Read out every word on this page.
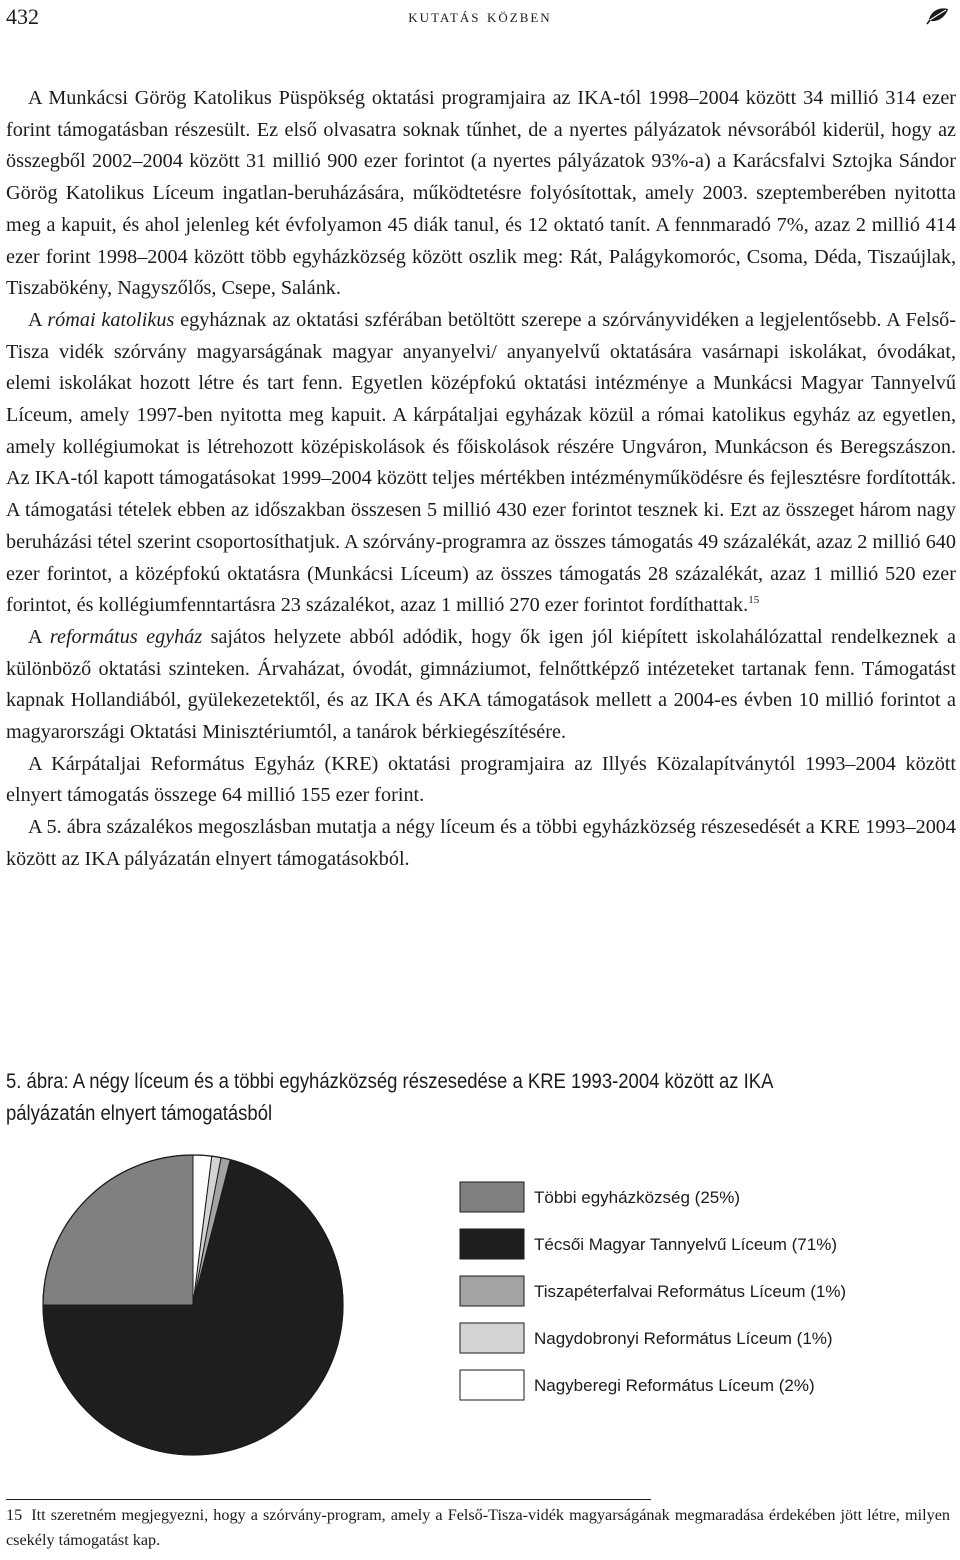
432	kutatás közben

A Munkácsi Görög Katolikus Püspökség oktatási programjaira az IKA-tól 1998–2004 között 34 millió 314 ezer forint támogatásban részesült. Ez első olvasatra soknak tűnhet, de a nyertes pályázatok névsorából kiderül, hogy az összegből 2002–2004 között 31 millió 900 ezer forintot (a nyertes pályázatok 93%-a) a Karácsfalvi Sztojka Sándor Görög Katolikus Líceum ingatlan-beruházására, működtetésre folyósítottak, amely 2003. szeptemberében nyitotta meg a kapuit, és ahol jelenleg két évfolyamon 45 diák tanul, és 12 oktató tanít. A fennmaradó 7%, azaz 2 millió 414 ezer forint 1998–2004 között több egyházközség között oszlik meg: Rát, Palágykomoróc, Csoma, Déda, Tiszaújlak, Tiszabökény, Nagyszőlős, Csepe, Salánk.

A római katolikus egyháznak az oktatási szférában betöltött szerepe a szórványvidéken a legjelentősebb. A Felső-Tisza vidék szórvány magyarságának magyar anyanyelvi/ anyanyelvű oktatására vasárnapi iskolákat, óvodákat, elemi iskolákat hozott létre és tart fenn. Egyetlen középfokú oktatási intézménye a Munkácsi Magyar Tannyelvű Líceum, amely 1997-ben nyitotta meg kapuit. A kárpátaljai egyházak közül a római katolikus egyház az egyetlen, amely kollégiumokat is létrehozott középiskolások és főiskolások részére Ungváron, Munkácson és Beregszászon. Az IKA-tól kapott támogatásokat 1999–2004 között teljes mértékben intézményműködésre és fejlesztésre fordították. A támogatási tételek ebben az időszakban összesen 5 millió 430 ezer forintot tesznek ki. Ezt az összeget három nagy beruházási tétel szerint csoportosíthatjuk. A szórvány-programra az összes támogatás 49 százalékát, azaz 2 millió 640 ezer forintot, a középfokú oktatásra (Munkácsi Líceum) az összes támogatás 28 százalékát, azaz 1 millió 520 ezer forintot, és kollégiumfenntartásra 23 százalékot, azaz 1 millió 270 ezer forintot fordíthattak.$^{15}$

A református egyház sajátos helyzete abból adódik, hogy ők igen jól kiépített iskolahálózattal rendelkeznek a különböző oktatási szinteken. Árvaházat, óvodát, gimnáziumot, felnőttképző intézeteket tartanak fenn. Támogatást kapnak Hollandiából, gyülekezetektől, és az IKA és AKA támogatások mellett a 2004-es évben 10 millió forintot a magyarországi Oktatási Minisztériumtól, a tanárok bérkiegészítésére.

A Kárpátaljai Református Egyház (KRE) oktatási programjaira az Illyés Közalapítványtól 1993–2004 között elnyert támogatás összege 64 millió 155 ezer forint.

A 5. ábra százalékos megoszlásban mutatja a négy líceum és a többi egyházközség részesedését a KRE 1993–2004 között az IKA pályázatán elnyert támogatásokból.

5. ábra: A négy líceum és a többi egyházközség részesedése a KRE 1993-2004 között az IKA
pályázatán elnyert támogatásból
Többi egyházközség (25%)
Técsői Magyar Tannyelvű Líceum (71%)
Tiszapéterfalvai Református Líceum (1%)
Nagydobronyi Református Líceum (1%)
Nagyberegi Református Líceum (2%)
15 Itt szeretném megjegyezni, hogy a szórvány-program, amely a Felső-Tisza-vidék magyarságának megmaradása érdekében jött létre, milyen csekély támogatást kap.
